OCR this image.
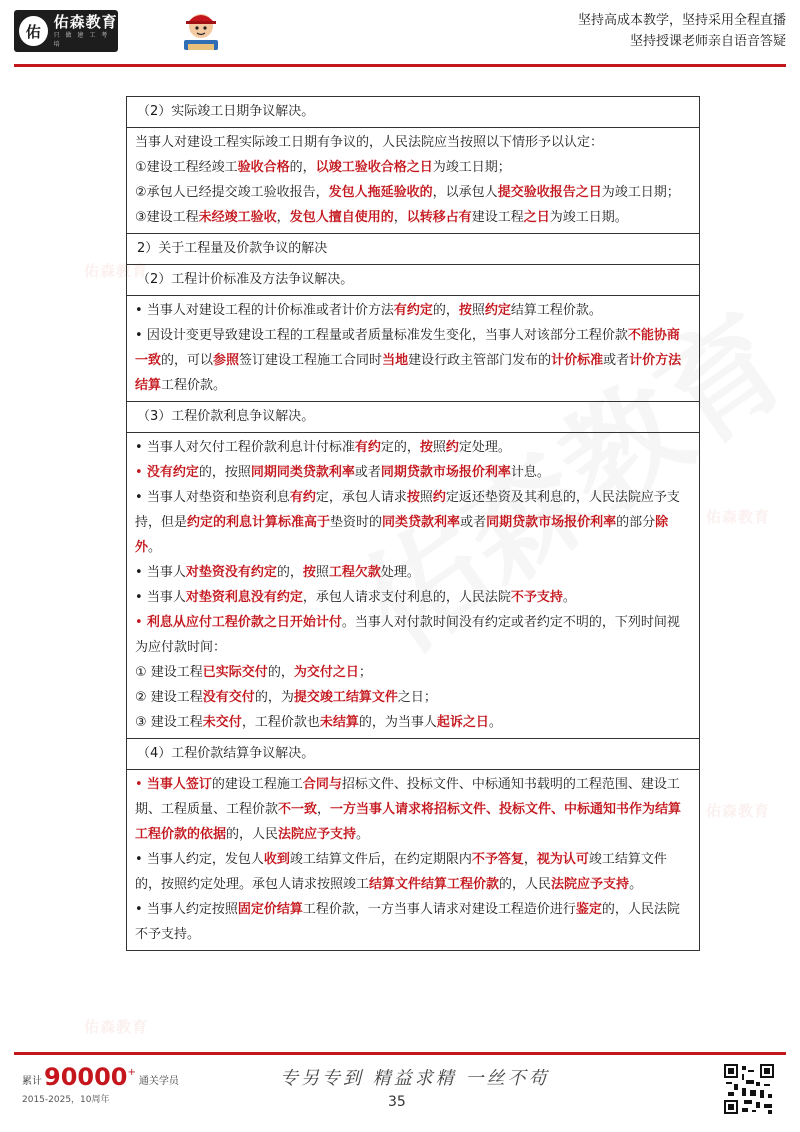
佑
佑森教育
只 做 建 工 考 培
坚持高成本教学，坚持采用全程直播
坚持授课老师亲自语音答疑
佑森教育
佑森教育
佑森教育
佑森教育
（2）实际竣工日期争议解决。
当事人对建设工程实际竣工日期有争议的，人民法院应当按照以下情形予以认定：
①建设工程经竣工验收合格的，以竣工验收合格之日为竣工日期；
②承包人已经提交竣工验收报告，发包人拖延验收的，以承包人提交验收报告之日为竣工日期；
③建设工程未经竣工验收，发包人擅自使用的，以转移占有建设工程之日为竣工日期。
2）关于工程量及价款争议的解决
（2）工程计价标准及方法争议解决。
• 当事人对建设工程的计价标准或者计价方法有约定的，按照约定结算工程价款。
• 因设计变更导致建设工程的工程量或者质量标准发生变化，当事人对该部分工程价款不能协商一致的，可以参照签订建设工程施工合同时当地建设行政主管部门发布的计价标准或者计价方法结算工程价款。
（3）工程价款利息争议解决。
• 当事人对欠付工程价款利息计付标准有约定的，按照约定处理。
• 没有约定的，按照同期同类贷款利率或者同期贷款市场报价利率计息。
• 当事人对垫资和垫资利息有约定，承包人请求按照约定返还垫资及其利息的，人民法院应予支持，但是约定的利息计算标准高于垫资时的同类贷款利率或者同期贷款市场报价利率的部分除外。
• 当事人对垫资没有约定的，按照工程欠款处理。
• 当事人对垫资利息没有约定，承包人请求支付利息的，人民法院不予支持。
• 利息从应付工程价款之日开始计付。当事人对付款时间没有约定或者约定不明的，下列时间视为应付款时间：
① 建设工程已实际交付的，为交付之日；
② 建设工程没有交付的，为提交竣工结算文件之日；
③ 建设工程未交付，工程价款也未结算的，为当事人起诉之日。
（4）工程价款结算争议解决。
• 当事人签订的建设工程施工合同与招标文件、投标文件、中标通知书载明的工程范围、建设工期、工程质量、工程价款不一致，一方当事人请求将招标文件、投标文件、中标通知书作为结算工程价款的依据的，人民法院应予支持。
• 当事人约定，发包人收到竣工结算文件后，在约定期限内不予答复，视为认可竣工结算文件的，按照约定处理。承包人请求按照竣工结算文件结算工程价款的，人民法院应予支持。
• 当事人约定按照固定价结算工程价款，一方当事人请求对建设工程造价进行鉴定的，人民法院不予支持。
累计 90000 +
通关学员
2015-2025，10周年
专另专到 精益求精 一丝不苟
35
